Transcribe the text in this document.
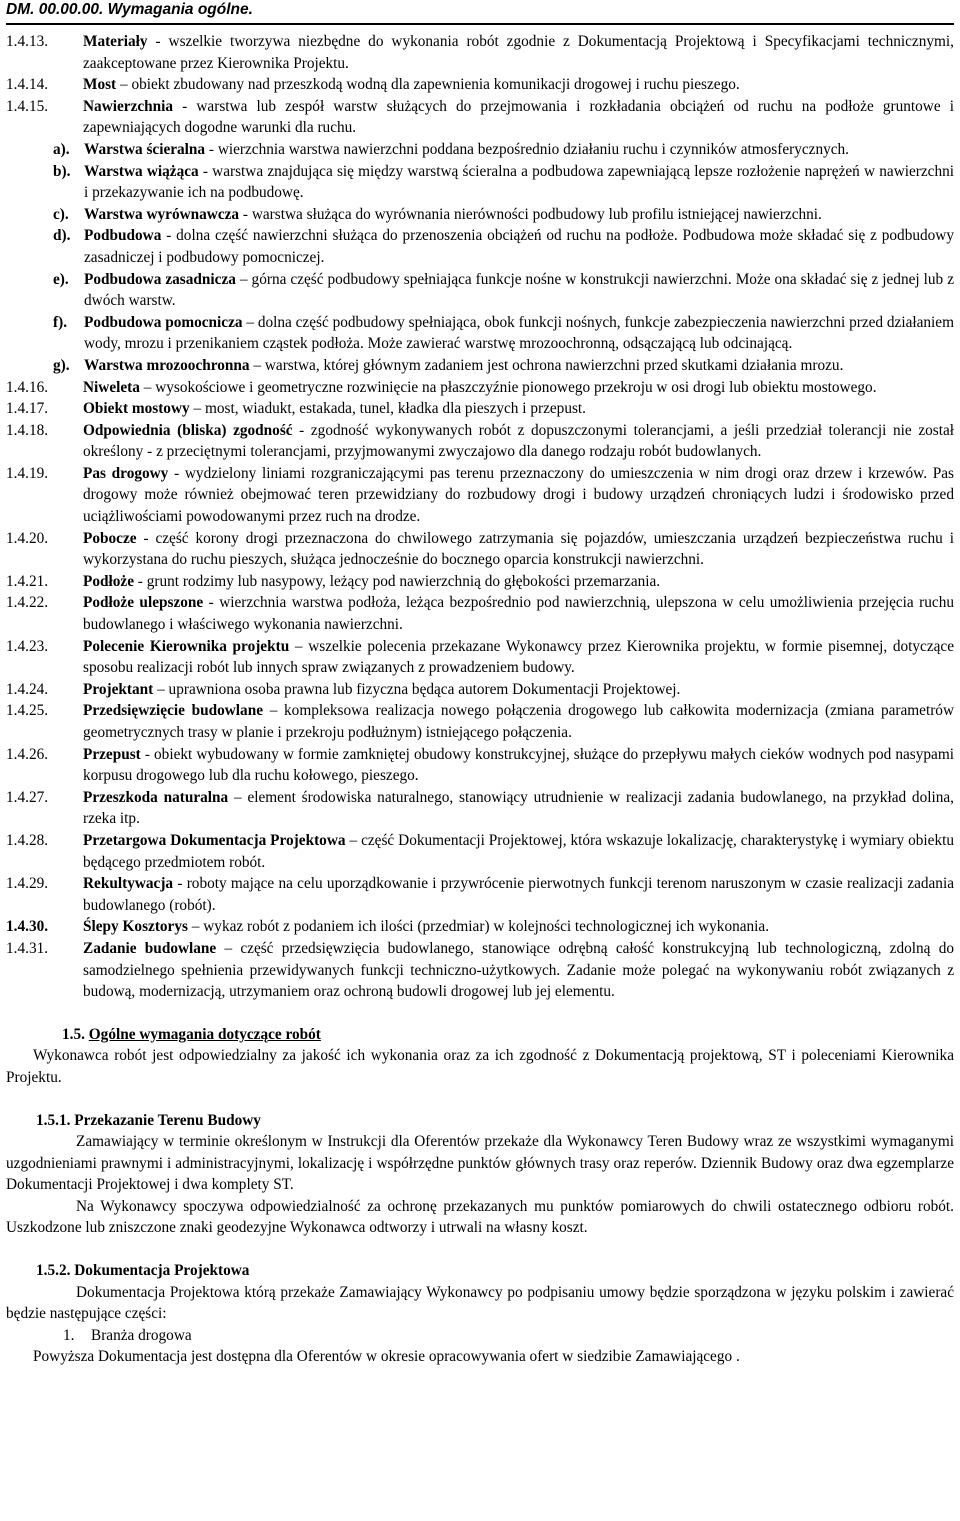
DM. 00.00.00. Wymagania ogólne.
1.4.13.	Materiały - wszelkie tworzywa niezbędne do wykonania robót zgodnie z Dokumentacją Projektową i Specyfikacjami technicznymi, zaakceptowane przez Kierownika Projektu.
1.4.14.	Most – obiekt zbudowany nad przeszkodą wodną dla zapewnienia komunikacji drogowej i ruchu pieszego.
1.4.15.	Nawierzchnia - warstwa lub zespół warstw służących do przejmowania i rozkładania obciążeń od ruchu na podłoże gruntowe i zapewniających dogodne warunki dla ruchu.
a). Warstwa ścieralna - wierzchnia warstwa nawierzchni poddana bezpośrednio działaniu ruchu i czynników atmosferycznych.
b). Warstwa wiążąca - warstwa znajdująca się między warstwą ścieralna a podbudowa zapewniającą lepsze rozłożenie naprężeń w nawierzchni i przekazywanie ich na podbudowę.
c). Warstwa wyrównawcza - warstwa służąca do wyrównania nierówności podbudowy lub profilu istniejącej nawierzchni.
d). Podbudowa - dolna część nawierzchni służąca do przenoszenia obciążeń od ruchu na podłoże. Podbudowa może składać się z podbudowy zasadniczej i podbudowy pomocniczej.
e). Podbudowa zasadnicza – górna część podbudowy spełniająca funkcje nośne w konstrukcji nawierzchni. Może ona składać się z jednej lub z dwóch warstw.
f).	Podbudowa pomocnicza – dolna część podbudowy spełniająca, obok funkcji nośnych, funkcje zabezpieczenia nawierzchni przed działaniem wody, mrozu i przenikaniem cząstek podłoża. Może zawierać warstwę mrozoochronną, odsączającą lub odcinającą.
g). Warstwa mrozoochronna – warstwa, której głównym zadaniem jest ochrona nawierzchni przed skutkami działania mrozu.
1.4.16.	Niweleta – wysokościowe i geometryczne rozwinięcie na płaszczyźnie pionowego przekroju w osi drogi lub obiektu mostowego.
1.4.17.	Obiekt mostowy – most, wiadukt, estakada, tunel, kładka dla pieszych i przepust.
1.4.18.	Odpowiednia (bliska) zgodność - zgodność wykonywanych robót z dopuszczonymi tolerancjami, a jeśli przedział tolerancji nie został określony - z przeciętnymi tolerancjami, przyjmowanymi zwyczajowo dla danego rodzaju robót budowlanych.
1.4.19.	Pas drogowy - wydzielony liniami rozgraniczającymi pas terenu przeznaczony do umieszczenia w nim drogi oraz drzew i krzewów. Pas drogowy może również obejmować teren przewidziany do rozbudowy drogi i budowy urządzeń chroniących ludzi i środowisko przed uciążliwościami powodowanymi przez ruch na drodze.
1.4.20.	Pobocze - część korony drogi przeznaczona do chwilowego zatrzymania się pojazdów, umieszczania urządzeń bezpieczeństwa ruchu i wykorzystana do ruchu pieszych, służąca jednocześnie do bocznego oparcia konstrukcji nawierzchni.
1.4.21.	Podłoże - grunt rodzimy lub nasypowy, leżący pod nawierzchnią do głębokości przemarzania.
1.4.22.	Podłoże ulepszone - wierzchnia warstwa podłoża, leżąca bezpośrednio pod nawierzchnią, ulepszona w celu umożliwienia przejęcia ruchu budowlanego i właściwego wykonania nawierzchni.
1.4.23.	Polecenie Kierownika projektu – wszelkie polecenia przekazane Wykonawcy przez Kierownika projektu, w formie pisemnej, dotyczące sposobu realizacji robót lub innych spraw związanych z prowadzeniem budowy.
1.4.24.	Projektant – uprawniona osoba prawna lub fizyczna będąca autorem Dokumentacji Projektowej.
1.4.25.	Przedsięwzięcie budowlane – kompleksowa realizacja nowego połączenia drogowego lub całkowita modernizacja (zmiana parametrów geometrycznych trasy w planie i przekroju podłużnym) istniejącego połączenia.
1.4.26.	Przepust - obiekt wybudowany w formie zamkniętej obudowy konstrukcyjnej, służące do przepływu małych cieków wodnych pod nasypami korpusu drogowego lub dla ruchu kołowego, pieszego.
1.4.27.	Przeszkoda naturalna – element środowiska naturalnego, stanowiący utrudnienie w realizacji zadania budowlanego, na przykład dolina, rzeka itp.
1.4.28.	Przetargowa Dokumentacja Projektowa – część Dokumentacji Projektowej, która wskazuje lokalizację, charakterystykę i wymiary obiektu będącego przedmiotem robót.
1.4.29.	Rekultywacja - roboty mające na celu uporządkowanie i przywrócenie pierwotnych funkcji terenom naruszonym w czasie realizacji zadania budowlanego (robót).
1.4.30.	Ślepy Kosztorys – wykaz robót z podaniem ich ilości (przedmiar) w kolejności technologicznej ich wykonania.
1.4.31.	Zadanie budowlane – część przedsięwzięcia budowlanego, stanowiące odrębną całość konstrukcyjną lub technologiczną, zdolną do samodzielnego spełnienia przewidywanych funkcji techniczno-użytkowych. Zadanie może polegać na wykonywaniu robót związanych z budową, modernizacją, utrzymaniem oraz ochroną budowli drogowej lub jej elementu.
1.5. Ogólne wymagania dotyczące robót
Wykonawca robót jest odpowiedzialny za jakość ich wykonania oraz za ich zgodność z Dokumentacją projektową, ST i poleceniami Kierownika Projektu.
1.5.1. Przekazanie Terenu Budowy
Zamawiający w terminie określonym w Instrukcji dla Oferentów przekaże dla Wykonawcy Teren Budowy wraz ze wszystkimi wymaganymi uzgodnieniami prawnymi i administracyjnymi, lokalizację i współrzędne punktów głównych trasy oraz reperów. Dziennik Budowy oraz dwa egzemplarze Dokumentacji Projektowej i dwa komplety ST.
Na Wykonawcy spoczywa odpowiedzialność za ochronę przekazanych mu punktów pomiarowych do chwili ostatecznego odbioru robót. Uszkodzone lub zniszczone znaki geodezyjne Wykonawca odtworzy i utrwali na własny koszt.
1.5.2. Dokumentacja Projektowa
Dokumentacja Projektowa którą przekaże Zamawiający Wykonawcy po podpisaniu umowy będzie sporządzona w języku polskim i zawierać będzie następujące części:
1. Branża drogowa
Powyższa Dokumentacja jest dostępna dla Oferentów w okresie opracowywania ofert w siedzibie Zamawiającego .
